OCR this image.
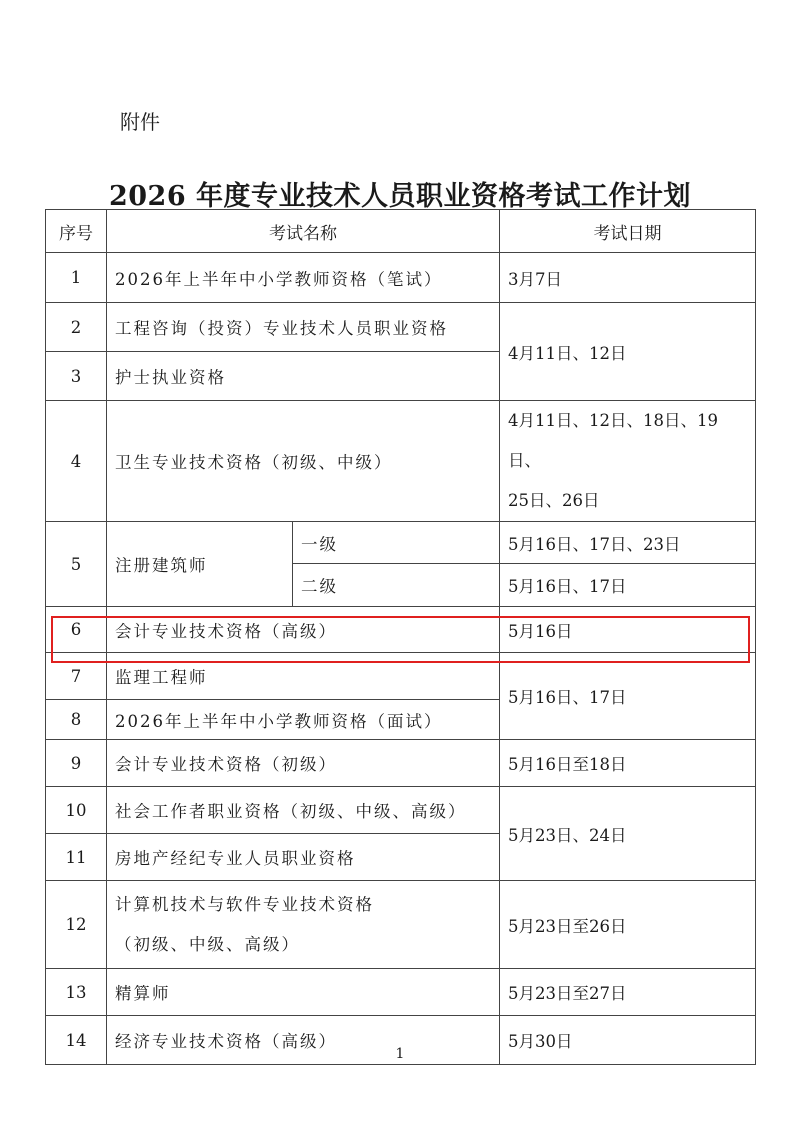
附件
2026 年度专业技术人员职业资格考试工作计划
序号	考试名称		考试日期
1	2026年上半年中小学教师资格（笔试）		3月7日
2	工程咨询（投资）专业技术人员职业资格		4月11日、12日
3	护士执业资格		
4	卫生专业技术资格（初级、中级）		4月11日、12日、18日、19日、
25日、26日
5	注册建筑师	一级	5月16日、17日、23日
		二级	5月16日、17日
6	会计专业技术资格（高级）		5月16日
7	监理工程师		5月16日、17日
8	2026年上半年中小学教师资格（面试）		
9	会计专业技术资格（初级）		5月16日至18日
10	社会工作者职业资格（初级、中级、高级）		5月23日、24日
11	房地产经纪专业人员职业资格		
12	计算机技术与软件专业技术资格
（初级、中级、高级）		5月23日至26日
13	精算师		5月23日至27日
14	经济专业技术资格（高级）		5月30日
1
